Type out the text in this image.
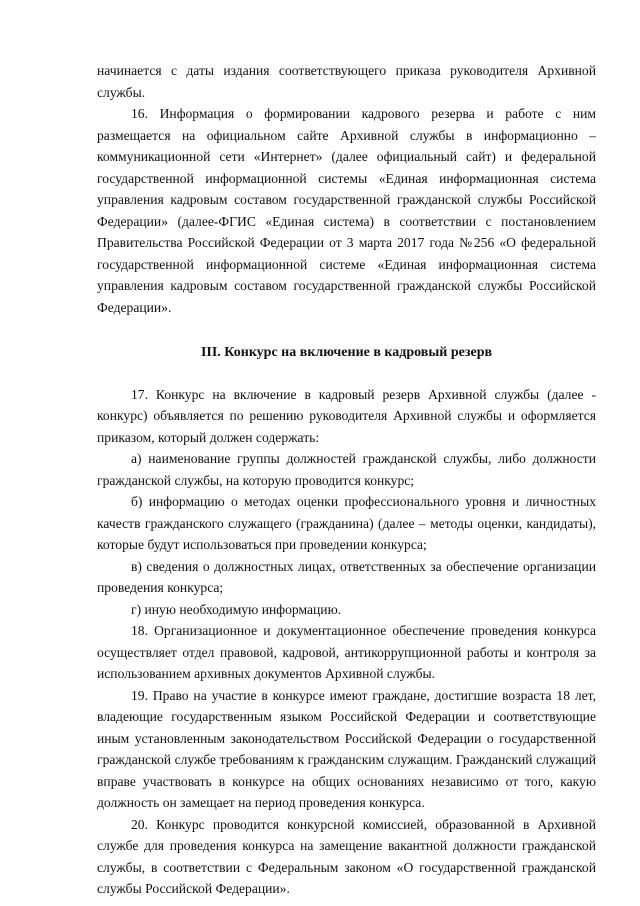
начинается с даты издания соответствующего приказа руководителя Архивной службы.

16. Информация о формировании кадрового резерва и работе с ним размещается на официальном сайте Архивной службы в информационно – коммуникационной сети «Интернет» (далее официальный сайт) и федеральной государственной информационной системы «Единая информационная система управления кадровым составом государственной гражданской службы Российской Федерации» (далее-ФГИС «Единая система) в соответствии с постановлением Правительства Российской Федерации от 3 марта 2017 года №256 «О федеральной государственной информационной системе «Единая информационная система управления кадровым составом государственной гражданской службы Российской Федерации».

III. Конкурс на включение в кадровый резерв

17. Конкурс на включение в кадровый резерв Архивной службы (далее - конкурс) объявляется по решению руководителя Архивной службы и оформляется приказом, который должен содержать:

а) наименование группы должностей гражданской службы, либо должности гражданской службы, на которую проводится конкурс;

б) информацию о методах оценки профессионального уровня и личностных качеств гражданского служащего (гражданина) (далее – методы оценки, кандидаты), которые будут использоваться при проведении конкурса;

в) сведения о должностных лицах, ответственных за обеспечение организации проведения конкурса;

г) иную необходимую информацию.

18. Организационное и документационное обеспечение проведения конкурса осуществляет отдел правовой, кадровой, антикоррупционной работы и контроля за использованием архивных документов Архивной службы.

19. Право на участие в конкурсе имеют граждане, достигшие возраста 18 лет, владеющие государственным языком Российской Федерации и соответствующие иным установленным законодательством Российской Федерации о государственной гражданской службе требованиям к гражданским служащим. Гражданский служащий вправе участвовать в конкурсе на общих основаниях независимо от того, какую должность он замещает на период проведения конкурса.

20. Конкурс проводится конкурсной комиссией, образованной в Архивной службе для проведения конкурса на замещение вакантной должности гражданской службы, в соответствии с Федеральным законом «О государственной гражданской службы Российской Федерации».
